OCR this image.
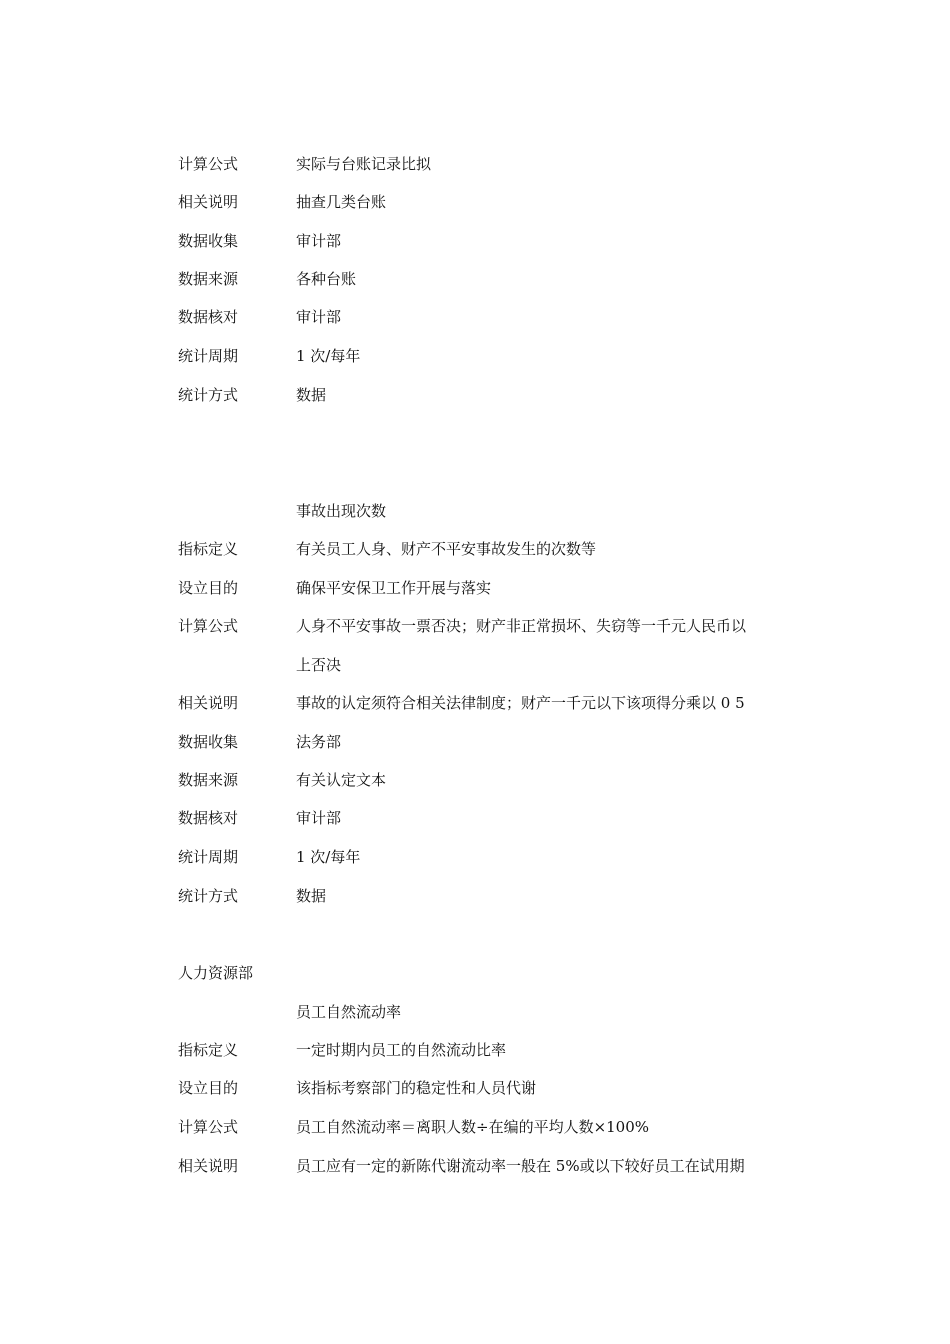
计算公式	实际与台账记录比拟
相关说明	抽查几类台账
数据收集	审计部
数据来源	各种台账
数据核对	审计部
统计周期	1 次/每年
统计方式	数据
事故出现次数
指标定义	有关员工人身、财产不平安事故发生的次数等
设立目的	确保平安保卫工作开展与落实
计算公式	人身不平安事故一票否决；财产非正常损坏、失窃等一千元人民币以
上否决
相关说明	事故的认定须符合相关法律制度；财产一千元以下该项得分乘以 0 5
数据收集	法务部
数据来源	有关认定文本
数据核对	审计部
统计周期	1 次/每年
统计方式	数据
人力资源部
员工自然流动率
指标定义	一定时期内员工的自然流动比率
设立目的	该指标考察部门的稳定性和人员代谢
计算公式	员工自然流动率＝离职人数÷在编的平均人数×100%
相关说明	员工应有一定的新陈代谢流动率一般在 5%或以下较好员工在试用期
